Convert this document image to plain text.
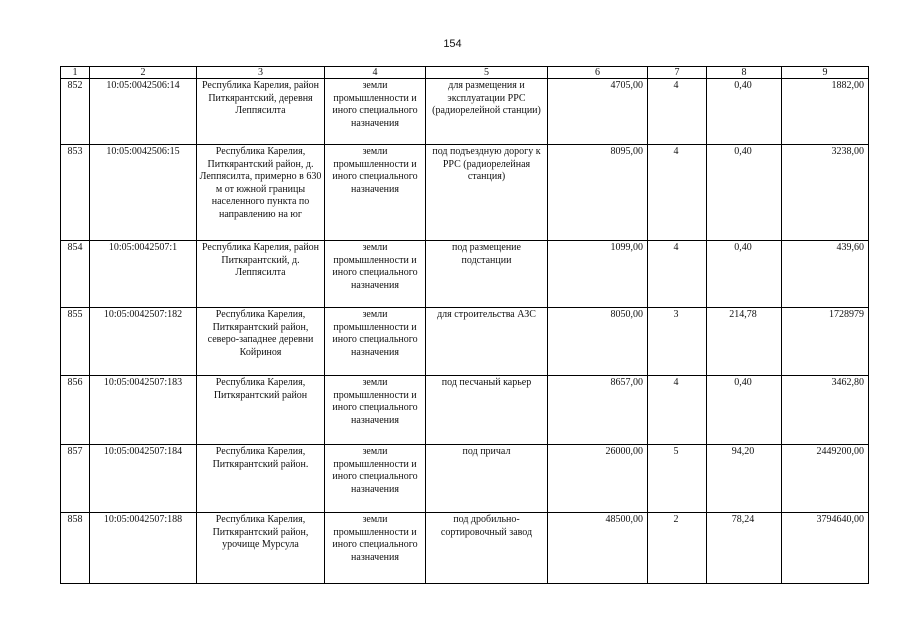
154
1	2	3	4	5	6	7	8	9
852	10:05:0042506:14	Республика Карелия, район Питкярантский, деревня Леппясилта	земли промышленности и иного специального назначения	для размещения и эксплуатации РРС (радиорелейной станции)	4705,00	4	0,40	1882,00
853	10:05:0042506:15	Республика Карелия, Питкярантский район, д. Леппясилта, примерно в 630 м от южной границы населенного пункта по направлению на юг	земли промышленности и иного специального назначения	под подъездную дорогу к РРС (радиорелейная станция)	8095,00	4	0,40	3238,00
854	10:05:0042507:1	Республика Карелия, район Питкярантский, д. Леппясилта	земли промышленности и иного специального назначения	под размещение подстанции	1099,00	4	0,40	439,60
855	10:05:0042507:182	Республика Карелия, Питкярантский район, северо-западнее деревни Койриноя	земли промышленности и иного специального назначения	для строительства АЗС	8050,00	3	214,78	1728979
856	10:05:0042507:183	Республика Карелия, Питкярантский район	земли промышленности и иного специального назначения	под песчаный карьер	8657,00	4	0,40	3462,80
857	10:05:0042507:184	Республика Карелия, Питкярантский район.	земли промышленности и иного специального назначения	под причал	26000,00	5	94,20	2449200,00
858	10:05:0042507:188	Республика Карелия, Питкярантский район, урочище Мурсула	земли промышленности и иного специального назначения	под дробильно-сортировочный завод	48500,00	2	78,24	3794640,00
